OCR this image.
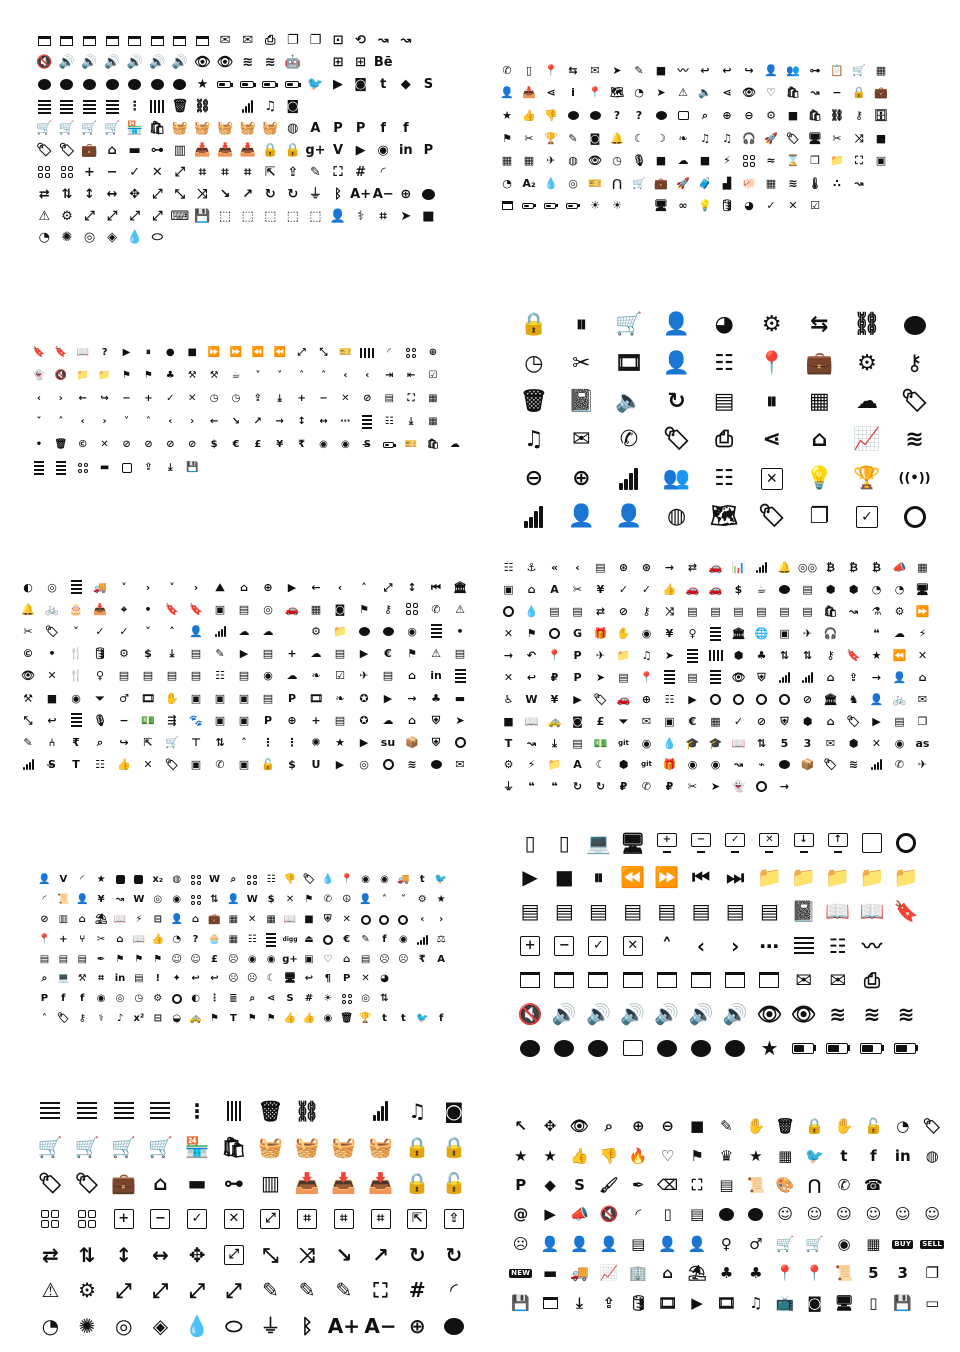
✉ ✉ ⎙ ❐ ❐ ⊡ ⟲ ↝ ↝
🔇 🔊 🔊 🔊 🔊 🔊 🔊 👁 👁 ≋ ≋ 🤖 ⊞ ⊞ Bē
★	🐦 ▶ ◙ t ◆ S
⋮ 🗑 ⛓	♫ ◙
🛒 🛒 🛒 🛒 🏪 🛍 🧺 🧺 🧺 🧺 🧺 ◍ A P P f f
🏷 🏷 💼 ⌂ ▬ ⊶ ▥ 📥 📥 📥 🔒 🔒 g+ V ▶ ◉ in P
+ − ✓ ✕ ⤢ ⌗ ⌗ ⌗ ⇱ ⇪ ✎ ⛶ # ◜
⇄ ⇅ ↕ ↔ ✥ ⤢ ⤡ ⤨ ↘ ↗ ↻ ↻ ⏚ ᛒ A+ A− ⊕
⚠ ⚙ ⤢ ⤢ ⤢ ⤢ ⌨ 💾 ⬚ ⬚ ⬚ ⬚ ⬚ 👤 ⚕ ⌗ ➤ ■
◔ ✺ ◎ ◈ 💧 ⬭
✆ ▯ 📍 ⇆ ✉ ➤ ✎ ■ 〰 ↩ ↩ ↪ 👤 👥 ⊶ 📋 🛒 ▦
👤 📥 ⋖ i 📍 🗺 ◔ ➤ ⚠ 🔈 ⋖ 👁 ♡ 🛍 ↝ − 🔒 💼
★ 👍 👎	? ?	⌕ ⊕ ⊖ ⚙ ■ 🛍 ⛓ ⚷ 🗄
⚑ ✂ 🏆 ✎ ◙ 🔔 ☾ ☽ ❧ ♫ ♫ 🎧 🚀 🏷 🖥 ✂ ⤨ ■
▦ ▦ ✈ ◍ 👁 ◷ 🎙 ■ ☁ ■ ⚡	≈ ⌛ ❐ 📁 ⛶ ▣
◔ A₂ 💧 ◎ 🎫 ⋂ 🛒 💼 🚀 🧳 ▟ 🐖 ▦ ≋ 🌡 ∴ ↝
☀ ☀	🖥 ∞ 💡 🛢 ◕ ✓ ✕ ☑
🔖 🔖 📖 ? ▶ ⏸ ● ■ ⏩ ⏩ ⏪ ⏪ ⤢ ⤡ 🎫	◜	⊕
👻 🔇 📁 📁 ⚑ ⚑ ♣ ⚒ ⚒ ☕ ˅ ˅ ˄ ˄ ‹ ‹ ⇥ ⇤ ☑
‹ › ← ↪ − + ✓ ✕ ◷ ◷ ⇪ ⤓ + − ✕ ⊘ ▤ ⛶ ▦
˅ ˄ ‹ › ˅ ˄ ‹ › ← ↘ ↗ → ↕ ↔ ⋯	☷ ⤓ ▦
• 🗑 © ✕ ⊘ ⊘ ⊘ ⊘ $ € £ ¥ ₹ ◉ ◉ S̶	🎫 🛍 ☁
▬	⇪ ⤓ 💾
🔒 ⏸ 🛒 👤 ◕ ⚙ ⇆ ⛓
◷ ✂ 🎞 👤 ☷ 📍 💼 ⚙ ⚷
🗑 📓 🔈 ↻ ▤ ⏸ ▦ ☁ 🏷
♫ ✉ ✆ 🏷 ⎙ ⋖ ⌂ 📈 ≋
⊖ ⊕	👥 ☷	✕ 💡 🏆 ((•))
👤 👤 ◍ 🗺 🏷 ❐	✓
◐ ◎	🚚 ˅ › ˅ › ⛰ ⌂ ⊕ ▶ ← ‹ ˄ ⤢ ↕ ⏮ 🏛
🔔 🚲 🎂 📥 ⌖ • 🔖 🔖 ▣ ▤ ◎ 🚗 ▦ ◙ ⚑ ⚷	✆ ⚠
✂ 🏷 ˅ ✓ ✓ ˅ ˄ 👤	☁ ☁	⚙ 📁	◉	•
© • 🍴 🛢 ⚙ $ ⤓ ▤ ✎ ▶ ▤ + ☁ ▤ ▶ € ⚑ ⚠ ▤
👁 ✕ 🍴 ♀ ▤ ▤ ▤ ▤ ☷ ▤ ◉ ☁ ❧ ☑ ✈ ▤ ⌂ in
⚒ ■ ◉ ⏷ ♂ 🎞 ✋ ▣ ▣ ▣ ▤ P 🎞 ❧ ✪ ▶ → ♣ ▬
⤡ ↩	🎙 − 💵 ⇶ 🐾 ▣ ▣ P ⊕ + ▤ ✪ ☁ ⌂ ⛨ ➤
✎ ⑃ ₹ ⌕ ↪ ⇱ 🛒 ⊤ ⇅ ˄ ⋮ ⋮ ✺ ★ ▶ su 📦 ⛨
S̶ T ☷ 👍 ✕ 🏷 ▣ ✆ ▣ 🔓 $ U ▶ ◎	≋	✉
☷ ⚓ « ‹ ▤ ⊛ ⊛ → ⇄ 🚗 📊	🔔 ◎◎ ₿ ₿ ₿ 📣 ▦
▣ ⌂ A ✂ ¥ ✓ ✓ 👍 🚗 🚗 $ ☕	▤ ⬢ ⬢ ◔ ◔ 🖥
💧 ▤ ▤ ⇄ ⊘ ⚷ ⤨ ▤ ▤ ▤ ▤ ▤ ▤ 🛍 ↝ ⚗ ⚙ ⏩
✕ ⚑	G 🎁 ✋ ◉ ¥ ♀	🏛 🌐 ▣ ✈ 🎧	❝ ☁ ⚡
→ ↶ 📍 P ✈ 📁 ♫ ➤	⬢ ♣ ⇅ ⇅ ⚷ 🔖 ★ ⏪ ✕
✕ ↩ ₽ P ➤ ▤ 📍	▤	👁 ⛨	⌂ ⇪ → 👤 ⌂
♿ W ¥ ▶ 🏷 🚗 ⊕ ☷ ▶	⊘ 🏛 ♞ 👤 🚲 ✉
■ 📖 🚕 ◙ £ ⏷ ✉ ▣ € ▦ ✓ ⊘ ⛨ ⬢ ⌂ 🏷 ▶ ▤ ❐
T ↝ ⤓ ▤ 💵 git ◉ 💧 🎓 🎓 📖 ⇅ 5 3 ✉ ⬢ ✕ ◉ as
⚙ ⚡ 📁 A ☾ ⬢ git 🎁 ◉ ◉ ↝ ⌁	📦 🏷 ≋	✆ ✈
⏚ ❝ ❝ ↻ ↻ ₽ ✆ ₽ ✂ ➤ 👻	→
👤 V ◜ ★	x₂ ◍	W ⌕	☷ 👎 🏷 💧 📍 ◉ ◉ 🚚 t 🐦
◜ 📜 👤 ¥ ↝ W ◎ ◉	⇅ 👤 W $ ✕ ⚑ ✆ ☮ 👤 ˄ ˅ ⚙ ★
⊘ ▥ ⌂ ⛱ 📖 ⚡ ⊟ 👤 ⌂ 💼 ▦ ✕ ▦ 📖 ■ ⛨ ✕	‹ ›
📍 + ⑂ ✂ ⌂ 📖 👍 ◔ ? 🧁 ▦ ☷	digg ⏏	€ ✎ f ◉	⚖
▤ ▤ ▤ ✒ ⚑ ⚑ ⚑ ☺ ☺ £ ☹ ◉ ◉ g+ ▣ ♡ ⌂ ▤ ☹ ☹ ₹ A
⌕ 💻 ⚒ ⌗ in ▤ ! ✦ ↩ ↩ ☹ ☹ ☾ 🖥 ↩ ¶ P ✕ ◕
P f f ◉ ◎ ◷ ⚙	◐ ⋮ ≣ ⌕ ⋖ S # ☀	◎ ⇅
˄ 🏷 ⚷ ⚕ ♪ x² ⊟ ◒ 🚕 ⚑ T ⚑ ⚑ 👍 👍 ◉ 🗑 🏆 t t 🐦 f
▯ ▯ 💻 🖥	+	−	✓	✕	↓	↑
▶ ■ ⏸ ⏪ ⏩ ⏮ ⏭ 📁 📁 📁 📁 📁
▤ ▤ ▤ ▤ ▤ ▤ ▤ ▤ 📓 📖 📖 🔖
+	−	✓	✕ ˄ ‹ › ⋯ ☷ 〰
✉ ✉ ⎙
🔇 🔊 🔊 🔊 🔊 🔊 🔊 👁 👁 ≋ ≋ ≋
★
⋮	🗑 ⛓	♫ ◙
🛒 🛒 🛒 🛒 🏪 🛍 🧺 🧺 🧺 🧺 🔒 🔒
🏷 🏷 💼 ⌂ ▬ ⊶ ▥ 📥 📥 📥 🔒 🔓
+	−	✓	✕	⤢	⌗	⌗	⌗	⇱	⇪
⇄ ⇅ ↕ ↔ ✥	⤢ ⤡ ⤨ ↘ ↗ ↻ ↻
⚠ ⚙ ⤢ ⤢ ⤢ ⤢ ✎ ✎ ✎ ⛶ # ◜
◔ ✺ ◎ ◈ 💧 ⬭ ⏚ ᛒ A+ A− ⊕
↖ ✥ 👁 ⌕ ⊕ ⊖ ■ ✎ ✋ 🗑 🔒 ✋ 🔓 ◔ 🏷
★ ★ 👍 👎 🔥 ♡ ⚑ ♛ ★ ▦ 🐦 t f in ◍
P ◆ S 🖌 ✒ ⌫ ⛶ ▤ 📜 🎨 ⋂ ✆ ☎
@ ▶ 📣 🔇 ◜ ▯ ▤	☺ ☺ ☺ ☺ ☺ ☺
☹ 👤 👤 👤 ▤ 👤 👤 ♀ ♂ 🛒 🛒 ◉ ▦ BUY SELL
NEW ▬ 🚚 📈 🏢 ⌂ ⛱ ♣ ♣ 📍 📍 📜 5 3 ❐
💾	⤓ ⇪ 🛢 🎞 ▶ 🎞 ♫ 📺 ◙ 🖥 ▯ 💾 ▭
